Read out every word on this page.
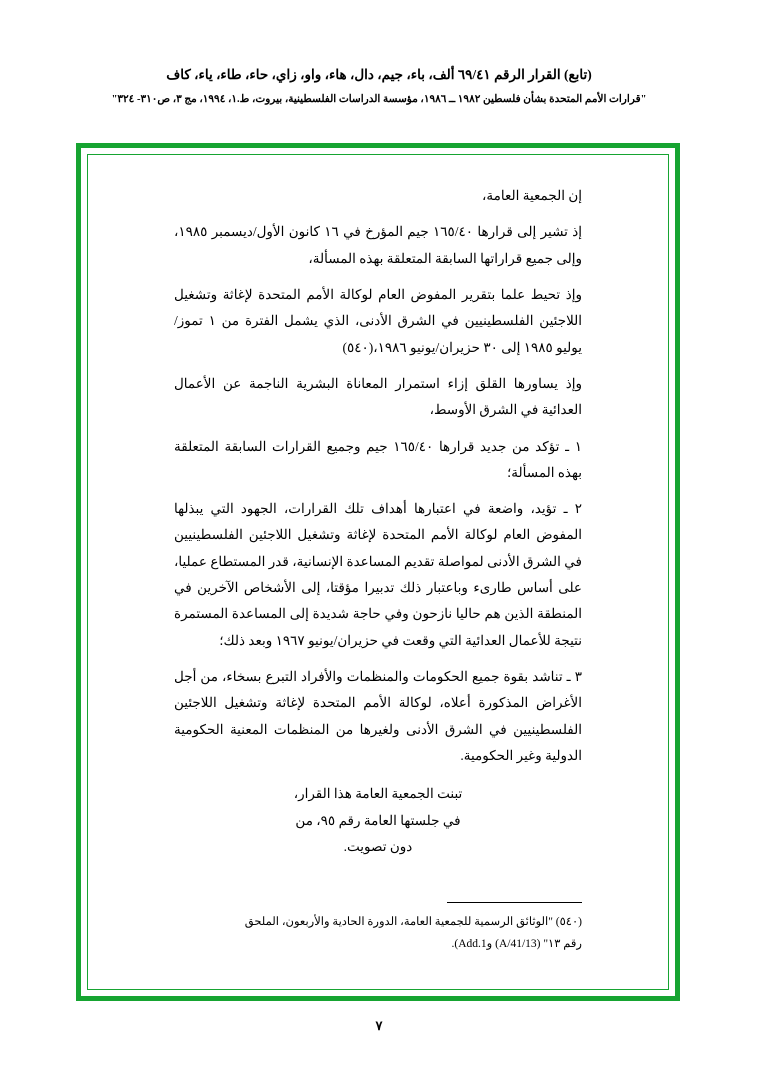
(تابع) القرار الرقم ٦٩/٤١ ألف، باء، جيم، دال، هاء، واو، زاي، حاء، طاء، ياء، كاف
"قرارات الأمم المتحدة بشأن فلسطين ١٩٨٢ ــ ١٩٨٦، مؤسسة الدراسات الفلسطينية، بيروت، ط.١، ١٩٩٤، مج ٣، ص٣١٠- ٣٢٤"

إن الجمعية العامة،

إذ تشير إلى قرارها ١٦٥/٤٠ جيم المؤرخ في ١٦ كانون الأول/ديسمبر ١٩٨٥، وإلى جميع قراراتها السابقة المتعلقة بهذه المسألة،

وإذ تحيط علما بتقرير المفوض العام لوكالة الأمم المتحدة لإغاثة وتشغيل اللاجئين الفلسطينيين في الشرق الأدنى، الذي يشمل الفترة من ١ تموز/يوليو ١٩٨٥ إلى ٣٠ حزيران/يونيو ١٩٨٦،(٥٤٠)

وإذ يساورها القلق إزاء استمرار المعاناة البشرية الناجمة عن الأعمال العدائية في الشرق الأوسط،

١ ـ تؤكد من جديد قرارها ١٦٥/٤٠ جيم وجميع القرارات السابقة المتعلقة بهذه المسألة؛

٢ ـ تؤيد، واضعة في اعتبارها أهداف تلك القرارات، الجهود التي يبذلها المفوض العام لوكالة الأمم المتحدة لإغاثة وتشغيل اللاجئين الفلسطينيين في الشرق الأدنى لمواصلة تقديم المساعدة الإنسانية، قدر المستطاع عمليا، على أساس طارىء وباعتبار ذلك تدبيرا مؤقتا، إلى الأشخاص الآخرين في المنطقة الذين هم حاليا نازحون وفي حاجة شديدة إلى المساعدة المستمرة نتيجة للأعمال العدائية التي وقعت في حزيران/يونيو ١٩٦٧ وبعد ذلك؛

٣ ـ تناشد بقوة جميع الحكومات والمنظمات والأفراد التبرع بسخاء، من أجل الأغراض المذكورة أعلاه، لوكالة الأمم المتحدة لإغاثة وتشغيل اللاجئين الفلسطينيين في الشرق الأدنى ولغيرها من المنظمات المعنية الحكومية الدولية وغير الحكومية.

تبنت الجمعية العامة هذا القرار،
في جلستها العامة رقم ٩٥، من
دون تصويت.
(٥٤٠) "الوثائق الرسمية للجمعية العامة، الدورة الحادية والأربعون، الملحق
رقم ١٣" (A/41/13) وAdd.1).
٧
